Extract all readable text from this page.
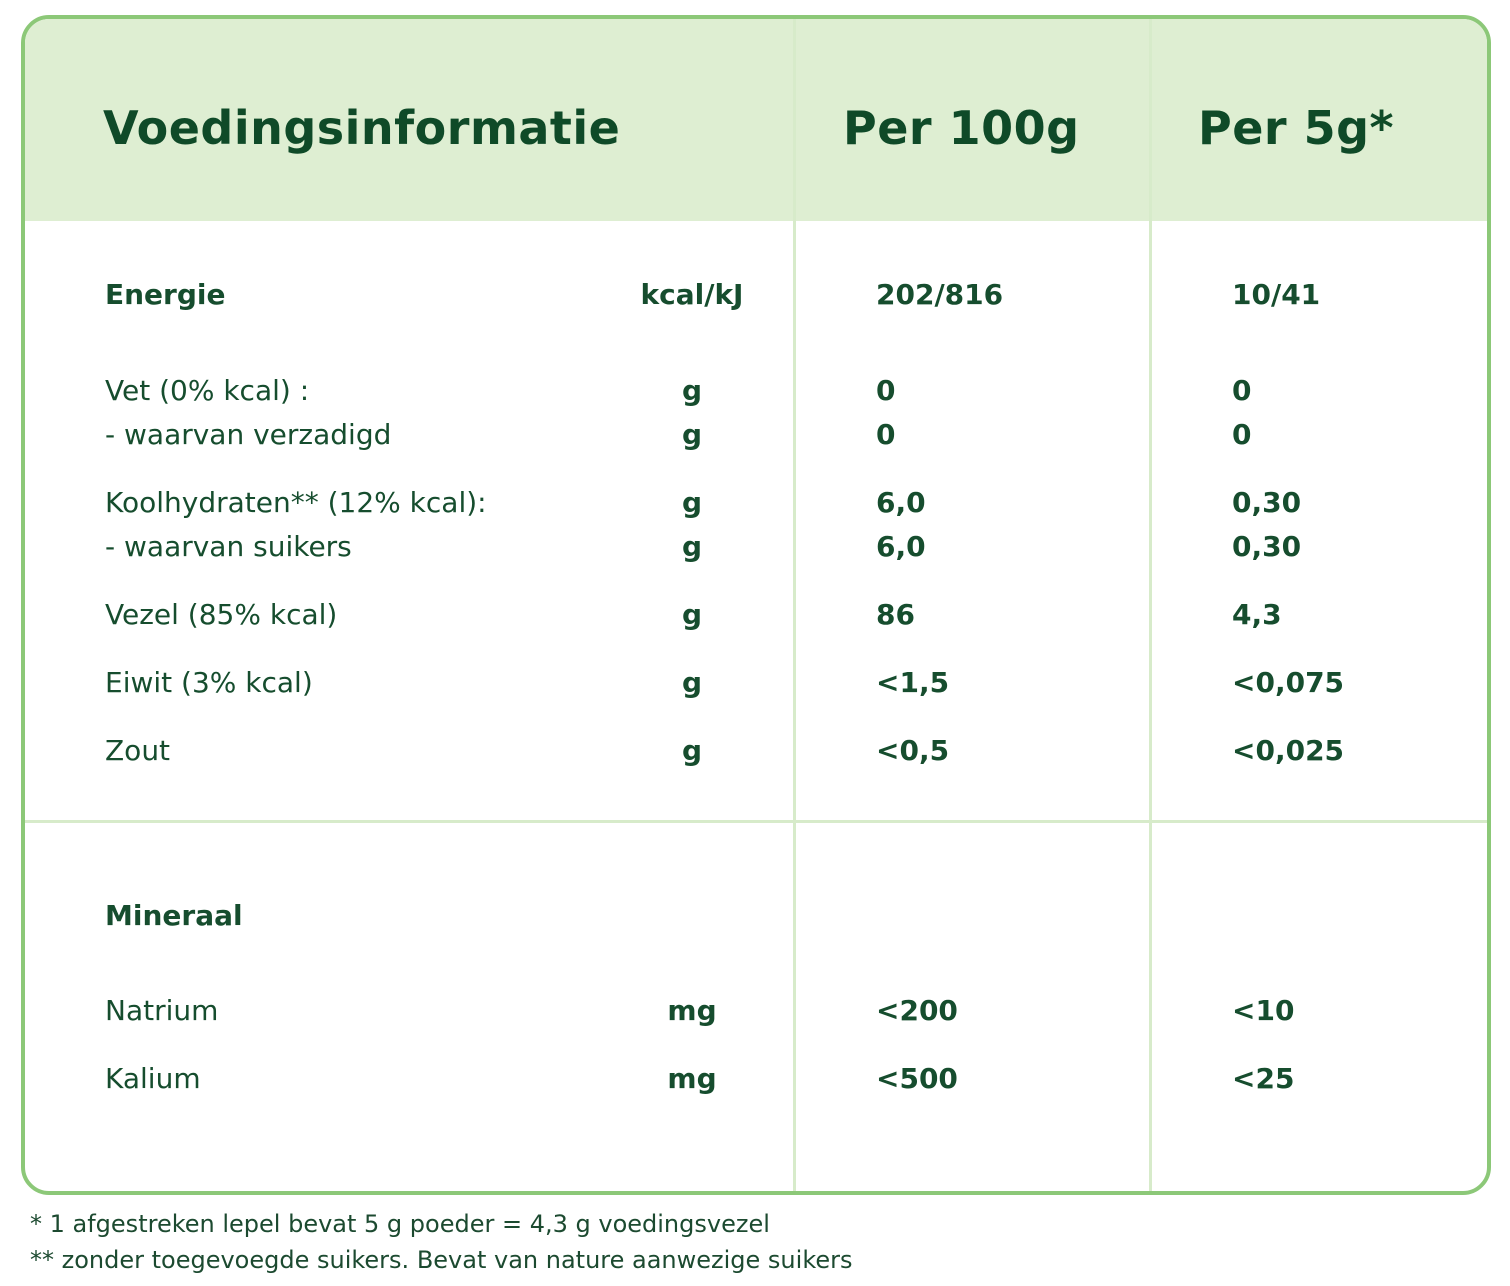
Voedingsinformatie	Per 100g	Per 5g*
Energie	kcal/kJ	202/816	10/41
Vet (0% kcal) :	g	0	0
- waarvan verzadigd	g	0	0
Koolhydraten** (12% kcal):	g	6,0	0,30
- waarvan suikers	g	6,0	0,30
Vezel (85% kcal)	g	86	4,3
Eiwit (3% kcal)	g	<1,5	<0,075
Zout	g	<0,5	<0,025
Mineraal
Natrium	mg	<200	<10
Kalium	mg	<500	<25
* 1 afgestreken lepel bevat 5 g poeder = 4,3 g voedingsvezel
** zonder toegevoegde suikers. Bevat van nature aanwezige suikers
